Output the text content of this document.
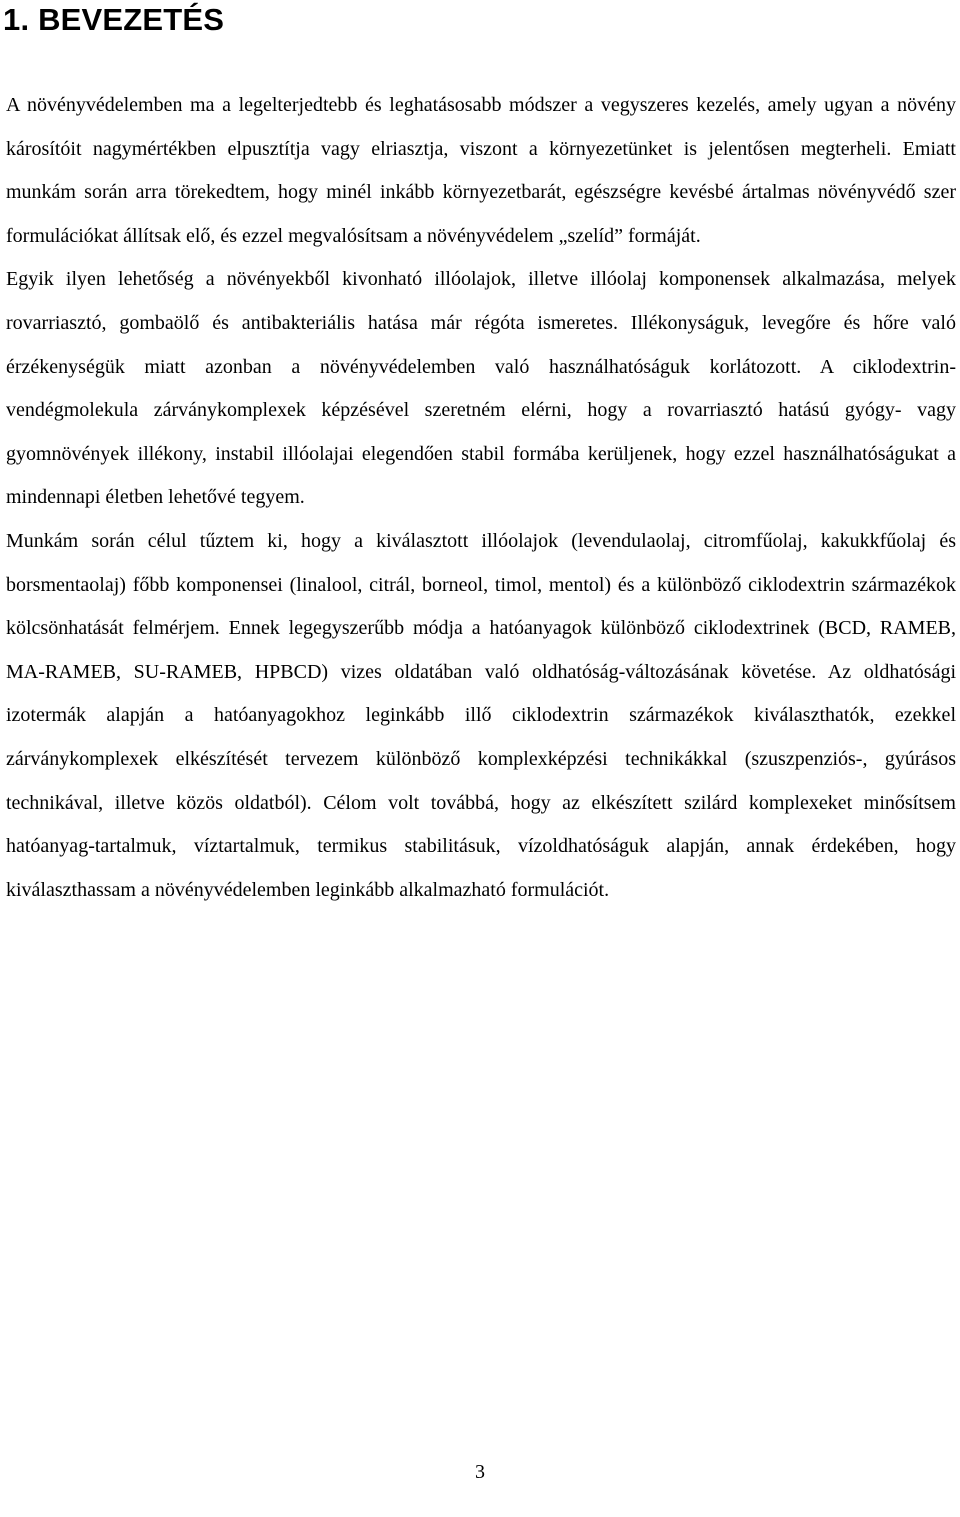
1. BEVEZETÉS

A növényvédelemben ma a legelterjedtebb és leghatásosabb módszer a vegyszeres kezelés, amely ugyan a növény károsítóit nagymértékben elpusztítja vagy elriasztja, viszont a környezetünket is jelentősen megterheli. Emiatt munkám során arra törekedtem, hogy minél inkább környezetbarát, egészségre kevésbé ártalmas növényvédő szer formulációkat állítsak elő, és ezzel megvalósítsam a növényvédelem „szelíd” formáját.

Egyik ilyen lehetőség a növényekből kivonható illóolajok, illetve illóolaj komponensek alkalmazása, melyek rovarriasztó, gombaölő és antibakteriális hatása már régóta ismeretes. Illékonyságuk, levegőre és hőre való érzékenységük miatt azonban a növényvédelemben való használhatóságuk korlátozott. A ciklodextrin-vendégmolekula zárványkomplexek képzésével szeretném elérni, hogy a rovarriasztó hatású gyógy- vagy gyomnövények illékony, instabil illóolajai elegendően stabil formába kerüljenek, hogy ezzel használhatóságukat a mindennapi életben lehetővé tegyem.

Munkám során célul tűztem ki, hogy a kiválasztott illóolajok (levendulaolaj, citromfűolaj, kakukkfűolaj és borsmentaolaj) főbb komponensei (linalool, citrál, borneol, timol, mentol) és a különböző ciklodextrin származékok kölcsönhatását felmérjem. Ennek legegyszerűbb módja a hatóanyagok különböző ciklodextrinek (BCD, RAMEB, MA-RAMEB, SU-RAMEB, HPBCD) vizes oldatában való oldhatóság-változásának követése. Az oldhatósági izotermák alapján a hatóanyagokhoz leginkább illő ciklodextrin származékok kiválaszthatók, ezekkel zárványkomplexek elkészítését tervezem különböző komplexképzési technikákkal (szuszpenziós-, gyúrásos technikával, illetve közös oldatból). Célom volt továbbá, hogy az elkészített szilárd komplexeket minősítsem hatóanyag-tartalmuk, víztartalmuk, termikus stabilitásuk, vízoldhatóságuk alapján, annak érdekében, hogy kiválaszthassam a növényvédelemben leginkább alkalmazható formulációt.

3
